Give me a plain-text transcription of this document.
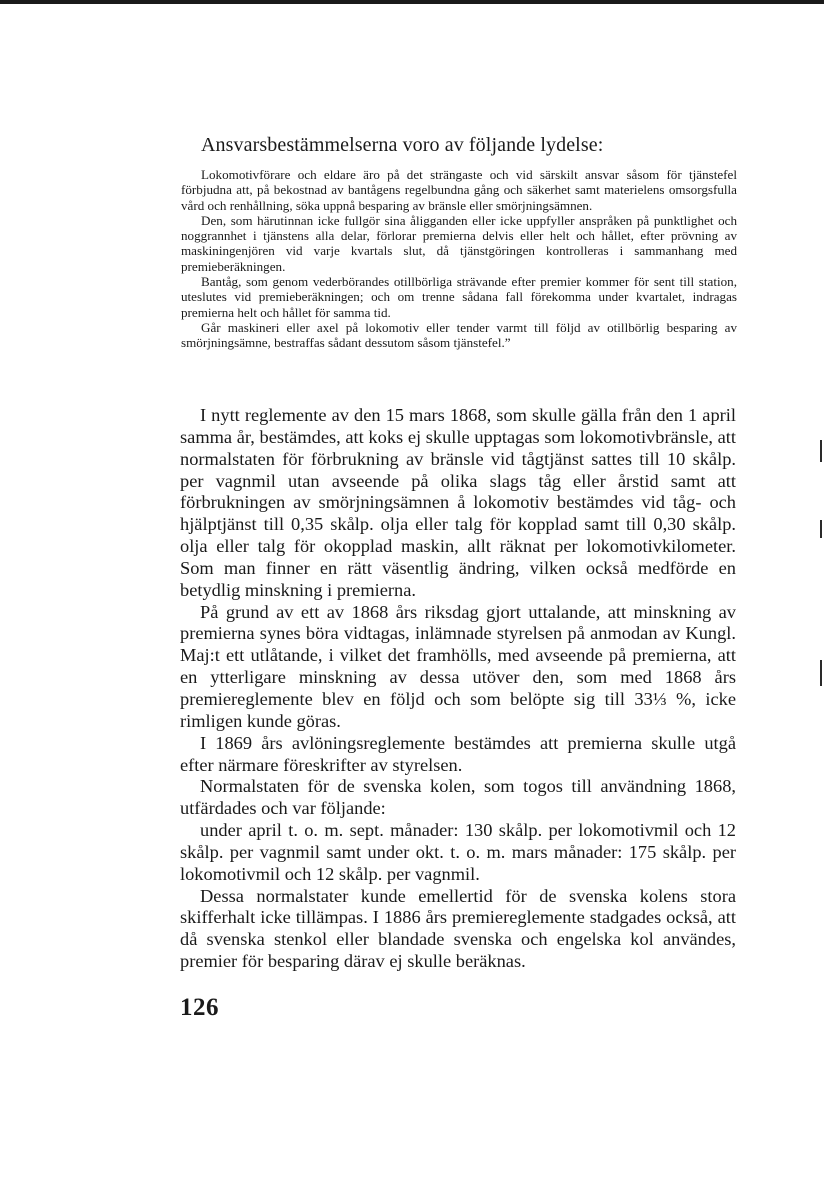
Ansvarsbestämmelserna voro av följande lydelse:

Lokomotivförare och eldare äro på det strängaste och vid särskilt ansvar såsom för tjänstefel förbjudna att, på bekostnad av bantågens regelbundna gång och säkerhet samt materielens omsorgsfulla vård och renhållning, söka uppnå besparing av bränsle eller smörjningsämnen.

Den, som härutinnan icke fullgör sina åligganden eller icke uppfyller anspråken på punktlighet och noggrannhet i tjänstens alla delar, förlorar premierna delvis eller helt och hållet, efter prövning av maskiningenjören vid varje kvartals slut, då tjänstgöringen kontrolleras i sammanhang med premieberäkningen.

Bantåg, som genom vederbörandes otillbörliga strävande efter premier kommer för sent till station, uteslutes vid premieberäkningen; och om trenne sådana fall förekomma under kvartalet, indragas premierna helt och hållet för samma tid.

Går maskineri eller axel på lokomotiv eller tender varmt till följd av otillbörlig besparing av smörjningsämne, bestraffas sådant dessutom såsom tjänstefel.”

I nytt reglemente av den 15 mars 1868, som skulle gälla från den 1 april samma år, bestämdes, att koks ej skulle upptagas som lokomotivbränsle, att normalstaten för förbrukning av bränsle vid tågtjänst sattes till 10 skålp. per vagnmil utan avseende på olika slags tåg eller årstid samt att förbrukningen av smörjningsämnen å lokomotiv bestämdes vid tåg- och hjälptjänst till 0,35 skålp. olja eller talg för kopplad samt till 0,30 skålp. olja eller talg för okopplad maskin, allt räknat per lokomotivkilometer. Som man finner en rätt väsentlig ändring, vilken också medförde en betydlig minskning i premierna.

På grund av ett av 1868 års riksdag gjort uttalande, att minskning av premierna synes böra vidtagas, inlämnade styrelsen på anmodan av Kungl. Maj:t ett utlåtande, i vilket det framhölls, med avseende på premierna, att en ytterligare minskning av dessa utöver den, som med 1868 års premiereglemente blev en följd och som belöpte sig till 33⅓ %, icke rimligen kunde göras.

I 1869 års avlöningsreglemente bestämdes att premierna skulle utgå efter närmare föreskrifter av styrelsen.

Normalstaten för de svenska kolen, som togos till användning 1868, utfärdades och var följande:

under april t. o. m. sept. månader: 130 skålp. per lokomotivmil och 12 skålp. per vagnmil samt under okt. t. o. m. mars månader: 175 skålp. per lokomotivmil och 12 skålp. per vagnmil.

Dessa normalstater kunde emellertid för de svenska kolens stora skifferhalt icke tillämpas. I 1886 års premiereglemente stadgades också, att då svenska stenkol eller blandade svenska och engelska kol användes, premier för besparing därav ej skulle beräknas.

126
